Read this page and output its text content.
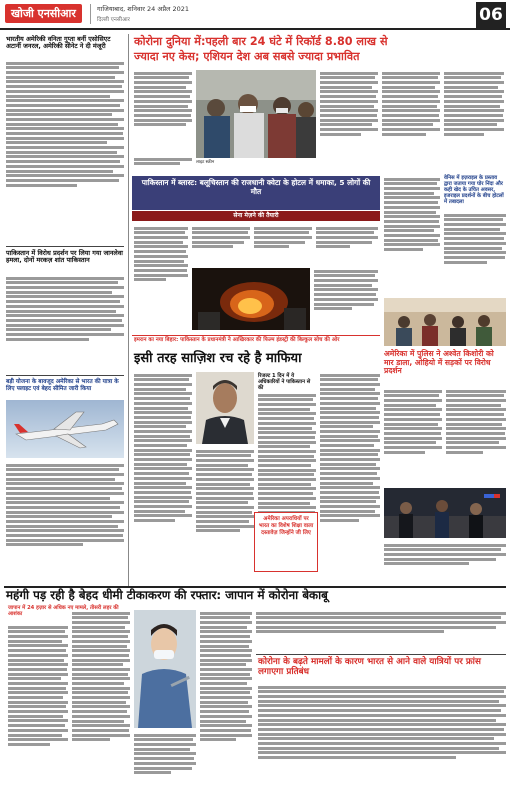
खोजी एनसीआर	गाजियाबाद, शनिवार 24 अप्रैल 2021
दिल्ली एनसीआर	06
भारतीय अमेरिकी वनिता गुप्ता बनीं एसोसिएट अटार्नी जनरल, अमेरिकी सीनेट ने दी मंजूरी
पाकिस्तान में विरोध प्रदर्शन पर लिया गया जानलेवा हमला, दोनों मरकज़ शांत पाकिस्तान
बड़ी योजना के बावजूद अमेरिका से भारत की यात्रा के लिए फ्लाइट एवं बेहद सीमित जारी किया
कोरोना दुनिया में:पहली बार 24 घंटे में रिकॉर्ड 8.80 लाख से
ज्यादा नए केस; एशियन देश अब सबसे ज्यादा प्रभावित
लाइट स्क्रीन
पाकिस्तान में ब्लास्ट: बलूचिस्तान की राजधानी क्वेटा के होटल में धमाका, 5 लोगों की मौत
सेना मेज़ने की तैयारी
वेनिस में इज़राइल के प्रस्ताव द्वारा जताया गया घोर निंदा और कही खेद के उचित अवसर, इजराइल प्रदर्शनों के बीच होटलों में तबादला
इमरान का नया बिहार: पाकिस्तान के प्रधानमंत्री ने आखिरकार की फिल्म इंडस्ट्री की बिल्कुल सोच की ओर
इसी तरह साज़िश रच रहे है माफिया
रिजल्ट 1 दिन में ये अधिकारियों ने पाकिस्तान से की
अमेरिका में पुलिस ने अश्वेत किशोरी को मार डाला, ओहियो में सड़कों पर विरोध प्रदर्शन
अमेरिका अपराधियों पर भारत का विशेष शिक्षा वाला दस्तावेज़ जिन्होंने जी लिए
महंगी पड़ रही है बेहद धीमी टीकाकरण की रफ्तार: जापान में कोरोना बेकाबू
जापान में 24 हज़ार से अधिक नए मामले, तीसरी लहर की आशंका
कोरोना के बढ़ते मामलों के कारण भारत से आने वाले यात्रियों पर फ्रांस लगाएगा प्रतिबंध
